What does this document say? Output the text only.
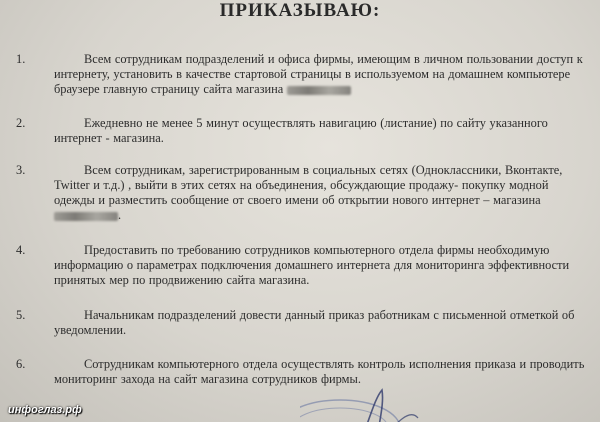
ПРИКАЗЫВАЮ:
1.	Всем сотрудникам подразделений и офиса фирмы, имеющим в личном пользовании доступ к интернету, установить в качестве стартовой страницы в используемом на домашнем компьютере браузере главную страницу сайта магазина
2.	Ежедневно не менее 5 минут осуществлять навигацию (листание) по сайту указанного интернет - магазина.
3.	Всем сотрудникам, зарегистрированным в социальных сетях (Одноклассники, Вконтакте, Twitter и т.д.) , выйти в этих сетях на объединения, обсуждающие продажу- покупку модной одежды и разместить сообщение от своего имени об открытии нового интернет – магазина .
4.	Предоставить по требованию сотрудников компьютерного отдела фирмы необходимую информацию о параметрах подключения домашнего интернета для мониторинга эффективности принятых мер по продвижению сайта магазина.
5.	Начальникам подразделений довести данный приказ работникам с письменной отметкой об уведомлении.
6.	Сотрудникам компьютерного отдела осуществлять контроль исполнения приказа и проводить мониторинг захода на сайт магазина сотрудников фирмы.
инфоглаз.рф
